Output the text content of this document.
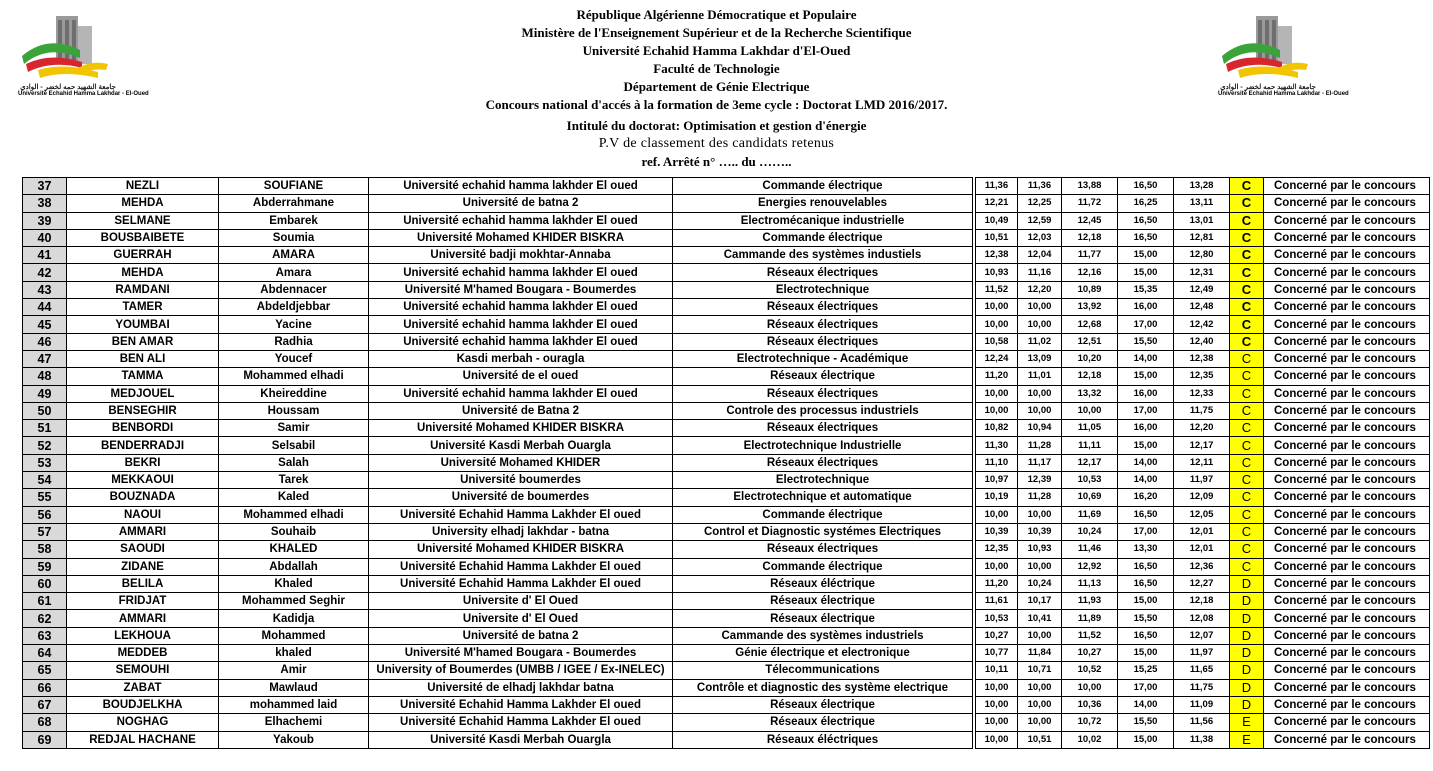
جامعة الشهيد حمه لخضر - الوادي
Université Echahid Hamma Lakhdar - El-Oued
جامعة الشهيد حمه لخضر - الوادي
Université Echahid Hamma Lakhdar - El-Oued
République Algérienne Démocratique et Populaire
Ministère de l'Enseignement Supérieur et de la Recherche Scientifique
Université Echahid Hamma Lakhdar d'El-Oued
Faculté de Technologie
Département de Génie Electrique
Concours national d'accés à la formation de 3eme cycle : Doctorat LMD 2016/2017.
Intitulé du doctorat: Optimisation et gestion d'énergie
P.V de classement des candidats retenus
ref. Arrêté n° ….. du ……..
37	NEZLI	SOUFIANE	Université echahid hamma lakhder El oued	Commande électrique		11,36	11,36	13,88	16,50	13,28	C	Concerné par le concours
38	MEHDA	Abderrahmane	Université de batna 2	Energies renouvelables		12,21	12,25	11,72	16,25	13,11	C	Concerné par le concours
39	SELMANE	Embarek	Université echahid hamma lakhder El oued	Electromécanique industrielle		10,49	12,59	12,45	16,50	13,01	C	Concerné par le concours
40	BOUSBAIBETE	Soumia	Université Mohamed KHIDER BISKRA	Commande électrique		10,51	12,03	12,18	16,50	12,81	C	Concerné par le concours
41	GUERRAH	AMARA	Université badji mokhtar-Annaba	Cammande des systèmes industiels		12,38	12,04	11,77	15,00	12,80	C	Concerné par le concours
42	MEHDA	Amara	Université echahid hamma lakhder El oued	Réseaux électriques		10,93	11,16	12,16	15,00	12,31	C	Concerné par le concours
43	RAMDANI	Abdennacer	Université M'hamed Bougara - Boumerdes	Electrotechnique		11,52	12,20	10,89	15,35	12,49	C	Concerné par le concours
44	TAMER	Abdeldjebbar	Université echahid hamma lakhder El oued	Réseaux électriques		10,00	10,00	13,92	16,00	12,48	C	Concerné par le concours
45	YOUMBAI	Yacine	Université echahid hamma lakhder El oued	Réseaux électriques		10,00	10,00	12,68	17,00	12,42	C	Concerné par le concours
46	BEN AMAR	Radhia	Université echahid hamma lakhder El oued	Réseaux électriques		10,58	11,02	12,51	15,50	12,40	C	Concerné par le concours
47	BEN ALI	Youcef	Kasdi merbah - ouragla	Electrotechnique - Académique		12,24	13,09	10,20	14,00	12,38	C	Concerné par le concours
48	TAMMA	Mohammed elhadi	Université de el oued	Réseaux électrique		11,20	11,01	12,18	15,00	12,35	C	Concerné par le concours
49	MEDJOUEL	Kheireddine	Université echahid hamma lakhder El oued	Réseaux électriques		10,00	10,00	13,32	16,00	12,33	C	Concerné par le concours
50	BENSEGHIR	Houssam	Université de Batna 2	Controle des processus industriels		10,00	10,00	10,00	17,00	11,75	C	Concerné par le concours
51	BENBORDI	Samir	Université Mohamed KHIDER BISKRA	Réseaux électriques		10,82	10,94	11,05	16,00	12,20	C	Concerné par le concours
52	BENDERRADJI	Selsabil	Université Kasdi Merbah Ouargla	Electrotechnique Industrielle		11,30	11,28	11,11	15,00	12,17	C	Concerné par le concours
53	BEKRI	Salah	Université Mohamed KHIDER	Réseaux électriques		11,10	11,17	12,17	14,00	12,11	C	Concerné par le concours
54	MEKKAOUI	Tarek	Université boumerdes	Electrotechnique		10,97	12,39	10,53	14,00	11,97	C	Concerné par le concours
55	BOUZNADA	Kaled	Université de boumerdes	Electrotechnique et automatique		10,19	11,28	10,69	16,20	12,09	C	Concerné par le concours
56	NAOUI	Mohammed elhadi	Université Echahid Hamma Lakhder El oued	Commande électrique		10,00	10,00	11,69	16,50	12,05	C	Concerné par le concours
57	AMMARI	Souhaib	University elhadj lakhdar - batna	Control et Diagnostic systémes Electriques		10,39	10,39	10,24	17,00	12,01	C	Concerné par le concours
58	SAOUDI	KHALED	Université Mohamed KHIDER BISKRA	Réseaux électriques		12,35	10,93	11,46	13,30	12,01	C	Concerné par le concours
59	ZIDANE	Abdallah	Université Echahid Hamma Lakhder El oued	Commande électrique		10,00	10,00	12,92	16,50	12,36	C	Concerné par le concours
60	BELILA	Khaled	Université Echahid Hamma Lakhder El oued	Réseaux éléctrique		11,20	10,24	11,13	16,50	12,27	D	Concerné par le concours
61	FRIDJAT	Mohammed Seghir	Universite d' El Oued	Réseaux électrique		11,61	10,17	11,93	15,00	12,18	D	Concerné par le concours
62	AMMARI	Kadidja	Universite d' El Oued	Réseaux électrique		10,53	10,41	11,89	15,50	12,08	D	Concerné par le concours
63	LEKHOUA	Mohammed	Université de batna 2	Cammande des systèmes industriels		10,27	10,00	11,52	16,50	12,07	D	Concerné par le concours
64	MEDDEB	khaled	Université M'hamed Bougara - Boumerdes	Génie électrique et electronique		10,77	11,84	10,27	15,00	11,97	D	Concerné par le concours
65	SEMOUHI	Amir	University of Boumerdes (UMBB / IGEE / Ex-INELEC)	Télecommunications		10,11	10,71	10,52	15,25	11,65	D	Concerné par le concours
66	ZABAT	Mawlaud	Université de elhadj lakhdar batna	Contrôle et diagnostic des système electrique		10,00	10,00	10,00	17,00	11,75	D	Concerné par le concours
67	BOUDJELKHA	mohammed laid	Université Echahid Hamma Lakhder El oued	Réseaux électrique		10,00	10,00	10,36	14,00	11,09	D	Concerné par le concours
68	NOGHAG	Elhachemi	Université Echahid Hamma Lakhder El oued	Réseaux électrique		10,00	10,00	10,72	15,50	11,56	E	Concerné par le concours
69	REDJAL HACHANE	Yakoub	Université Kasdi Merbah Ouargla	Réseaux éléctriques		10,00	10,51	10,02	15,00	11,38	E	Concerné par le concours
